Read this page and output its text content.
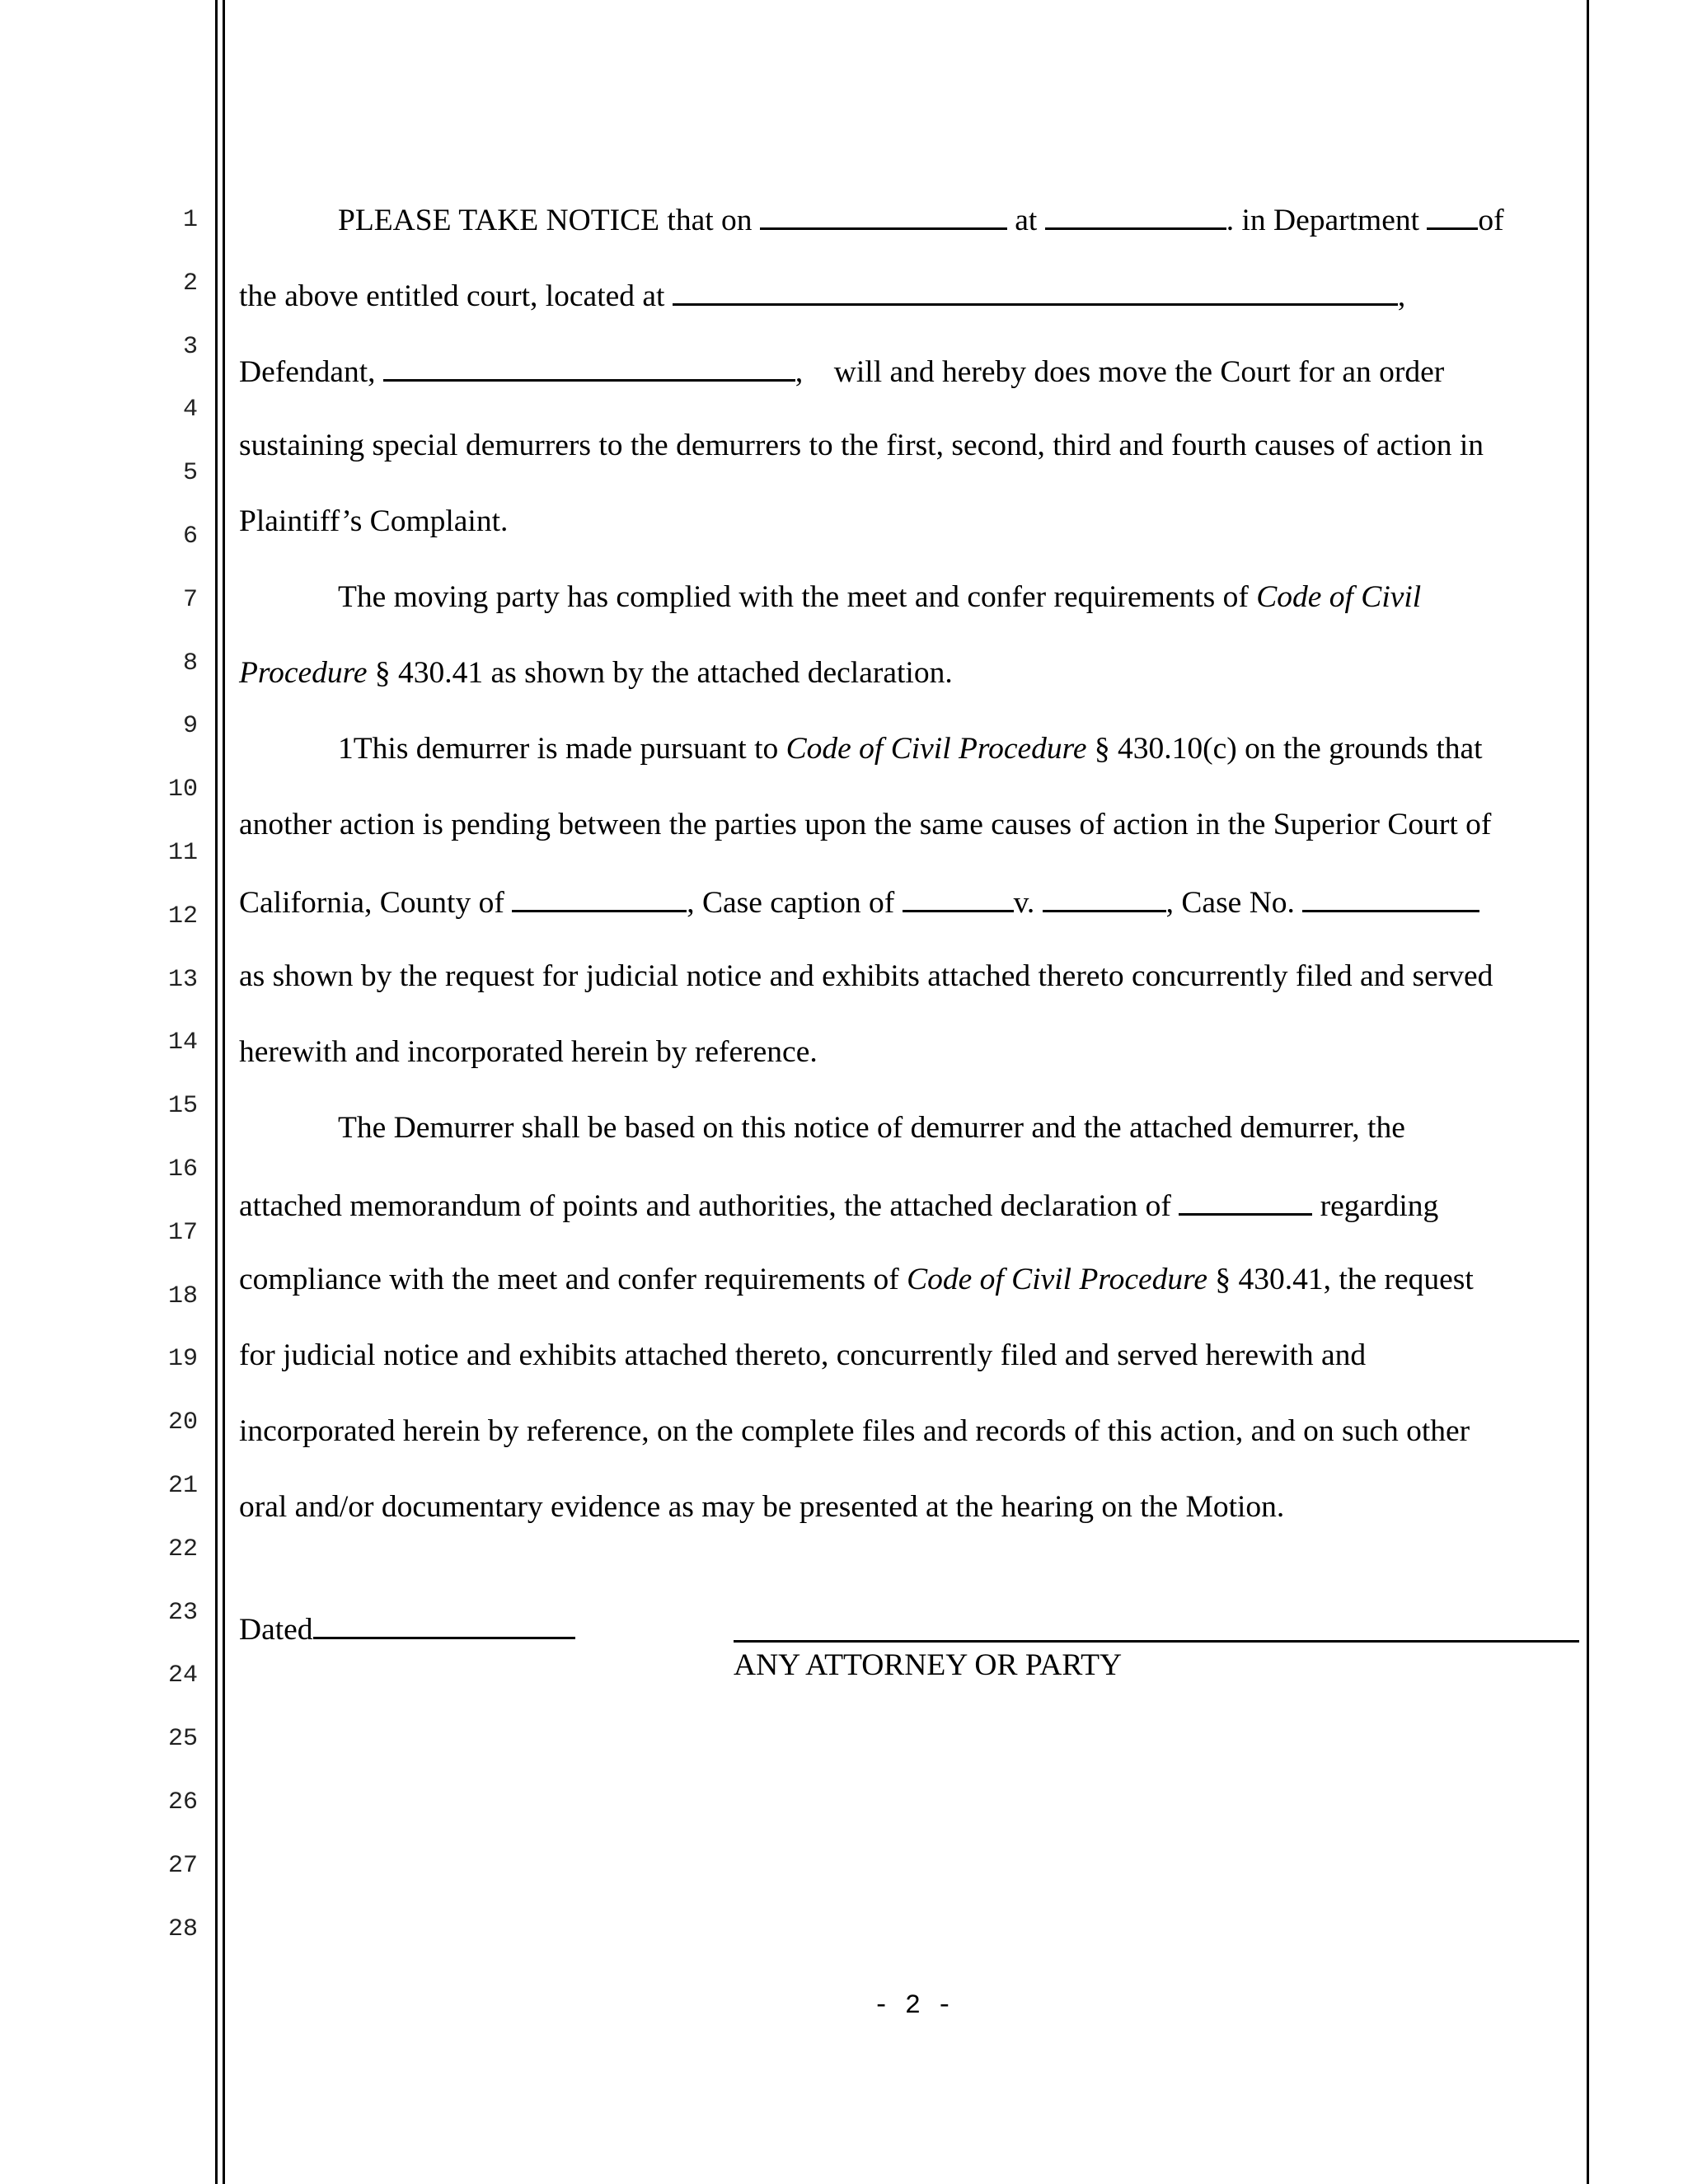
1
2
3
4
5
6
7
8
9
10
11
12
13
14
15
16
17
18
19
20
21
22
23
24
25
26
27
28
PLEASE TAKE NOTICE that on	at	. in Department of
the above entitled court, located at	,
Defendant,	, will and hereby does move the Court for an order
sustaining special demurrers to the demurrers to the first, second, third and fourth causes of action in
Plaintiff’s Complaint.
The moving party has complied with the meet and confer requirements of Code of Civil
Procedure § 430.41 as shown by the attached declaration.
1This demurrer is made pursuant to Code of Civil Procedure § 430.10(c) on the grounds that
another action is pending between the parties upon the same causes of action in the Superior Court of
California, County of	, Case caption of	v.	, Case No.
as shown by the request for judicial notice and exhibits attached thereto concurrently filed and served
herewith and incorporated herein by reference.
The Demurrer shall be based on this notice of demurrer and the attached demurrer, the
attached memorandum of points and authorities, the attached declaration of	regarding
compliance with the meet and confer requirements of Code of Civil Procedure § 430.41, the request
for judicial notice and exhibits attached thereto, concurrently filed and served herewith and
incorporated herein by reference, on the complete files and records of this action, and on such other
oral and/or documentary evidence as may be presented at the hearing on the Motion.
Dated
ANY ATTORNEY OR PARTY
- 2 -
